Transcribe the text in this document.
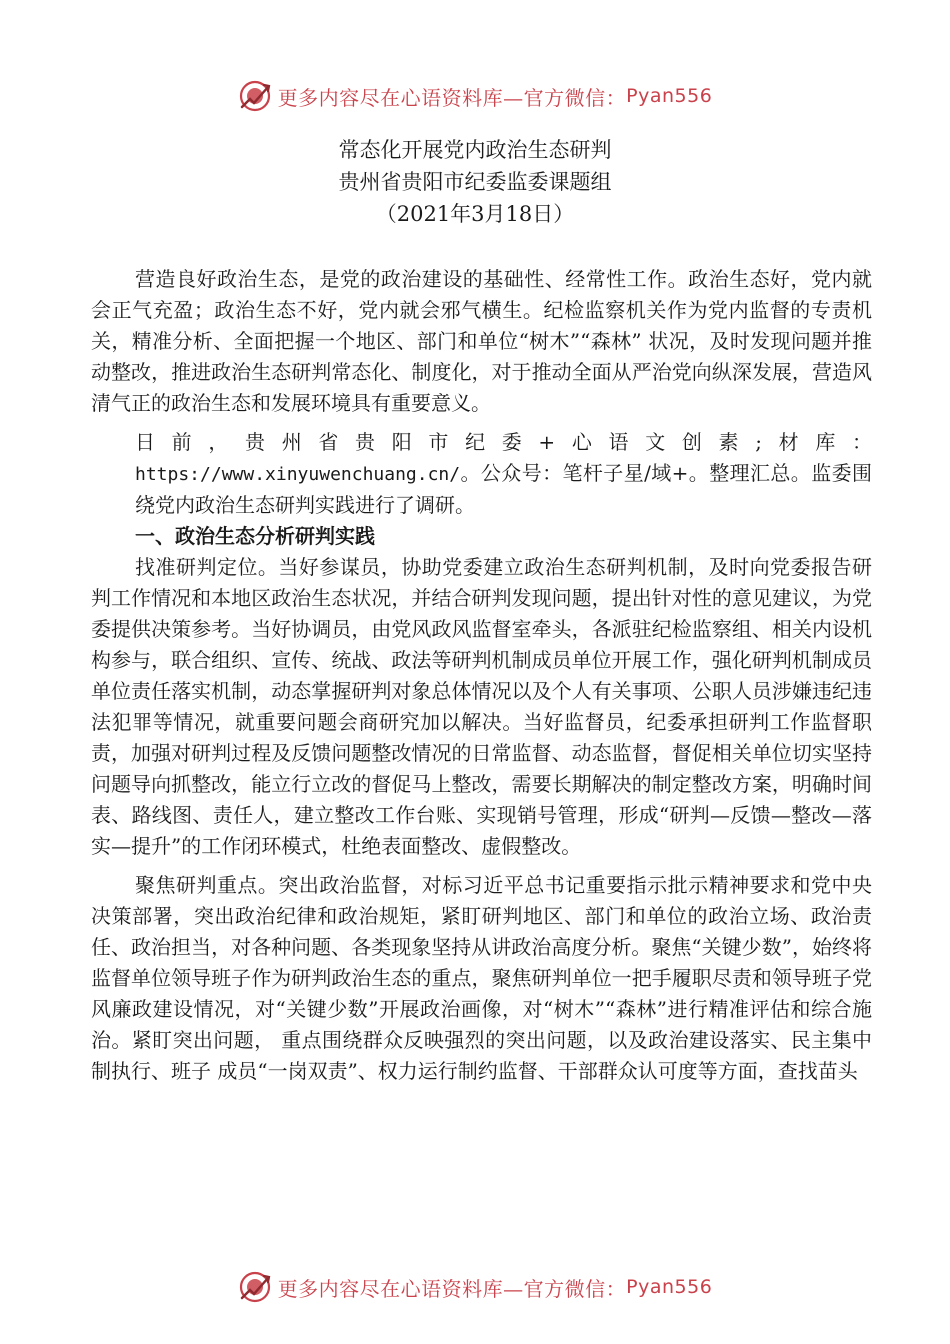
更多内容尽在心语资料库—官方微信： Pyan556
常态化开展党内政治生态研判
贵州省贵阳市纪委监委课题组
（2021年3月18日）

营造良好政治生态，是党的政治建设的基础性、经常性工作。政治生态好，党内就会正气充盈；政治生态不好，党内就会邪气横生。纪检监察机关作为党内监督的专责机关，精准分析、全面把握一个地区、部门和单位“树木”“森林” 状况，及时发现问题并推动整改，推进政治生态研判常态化、制度化，对于推动全面从严治党向纵深发展，营造风清气正的政治生态和发展环境具有重要意义。

日前，贵州省贵阳市纪委+心语文创素;材库：https://www.xinyuwenchuang.cn/。公众号：笔杆子星/域+。整理汇总。监委围绕党内政治生态研判实践进行了调研。

一、政治生态分析研判实践

找准研判定位。当好参谋员，协助党委建立政治生态研判机制，及时向党委报告研判工作情况和本地区政治生态状况，并结合研判发现问题，提出针对性的意见建议，为党委提供决策参考。当好协调员，由党风政风监督室牵头，各派驻纪检监察组、相关内设机构参与，联合组织、宣传、统战、政法等研判机制成员单位开展工作，强化研判机制成员单位责任落实机制，动态掌握研判对象总体情况以及个人有关事项、公职人员涉嫌违纪违法犯罪等情况，就重要问题会商研究加以解决。当好监督员，纪委承担研判工作监督职责，加强对研判过程及反馈问题整改情况的日常监督、动态监督，督促相关单位切实坚持问题导向抓整改，能立行立改的督促马上整改，需要长期解决的制定整改方案，明确时间表、路线图、责任人，建立整改工作台账、实现销号管理，形成“研判—反馈—整改—落实—提升”的工作闭环模式，杜绝表面整改、虚假整改。

聚焦研判重点。突出政治监督，对标习近平总书记重要指示批示精神要求和党中央决策部署，突出政治纪律和政治规矩，紧盯研判地区、部门和单位的政治立场、政治责任、政治担当，对各种问题、各类现象坚持从讲政治高度分析。聚焦“关键少数”，始终将监督单位领导班子作为研判政治生态的重点，聚焦研判单位一把手履职尽责和领导班子党风廉政建设情况，对“关键少数”开展政治画像，对“树木”“森林”进行精准评估和综合施治。紧盯突出问题， 重点围绕群众反映强烈的突出问题，以及政治建设落实、民主集中制执行、班子 成员“一岗双责”、权力运行制约监督、干部群众认可度等方面，查找苗头

更多内容尽在心语资料库—官方微信： Pyan556
